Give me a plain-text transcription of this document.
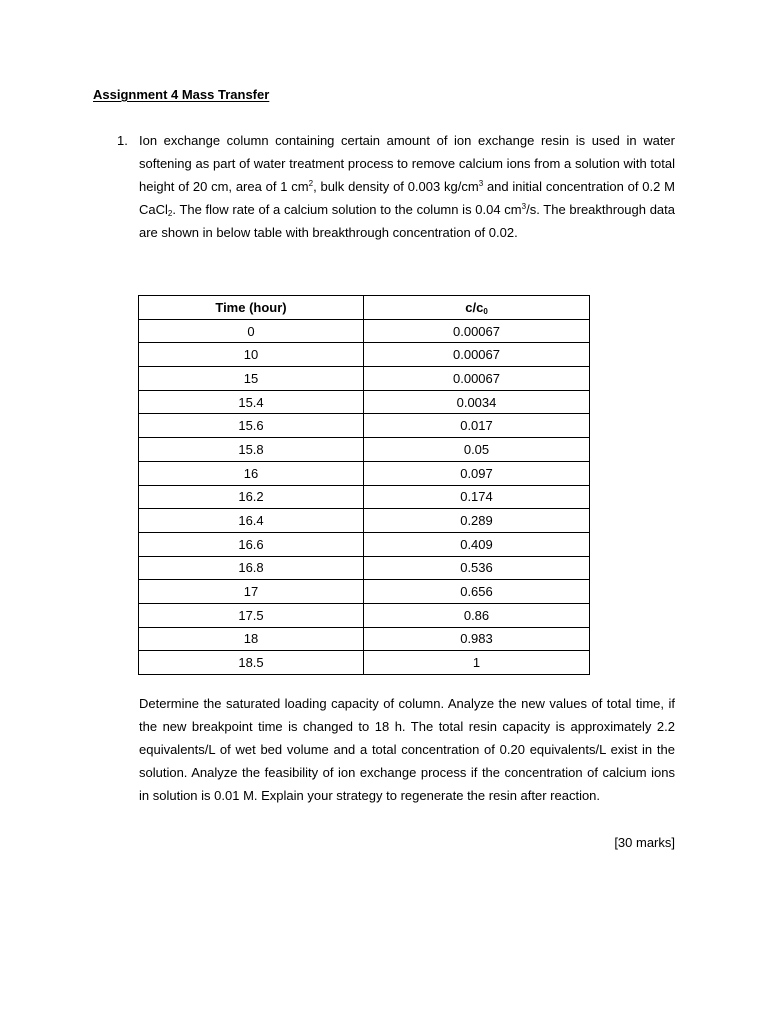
Assignment 4 Mass Transfer
1. Ion exchange column containing certain amount of ion exchange resin is used in water softening as part of water treatment process to remove calcium ions from a solution with total height of 20 cm, area of 1 $cm^2$, bulk density of 0.003 $kg/cm^3$ and initial concentration of 0.2 M CaCl$_2$. The flow rate of a calcium solution to the column is 0.04 $cm^3/s$. The breakthrough data are shown in below table with breakthrough concentration of 0.02.
Time (hour)	$c/c_0$
0	0.00067
10	0.00067
15	0.00067
15.4	0.0034
15.6	0.017
15.8	0.05
16	0.097
16.2	0.174
16.4	0.289
16.6	0.409
16.8	0.536
17	0.656
17.5	0.86
18	0.983
18.5	1
Determine the saturated loading capacity of column. Analyze the new values of total time, if the new breakpoint time is changed to 18 h. The total resin capacity is approximately 2.2 equivalents/L of wet bed volume and a total concentration of 0.20 equivalents/L exist in the solution. Analyze the feasibility of ion exchange process if the concentration of calcium ions in solution is 0.01 M. Explain your strategy to regenerate the resin after reaction.
[30 marks]
